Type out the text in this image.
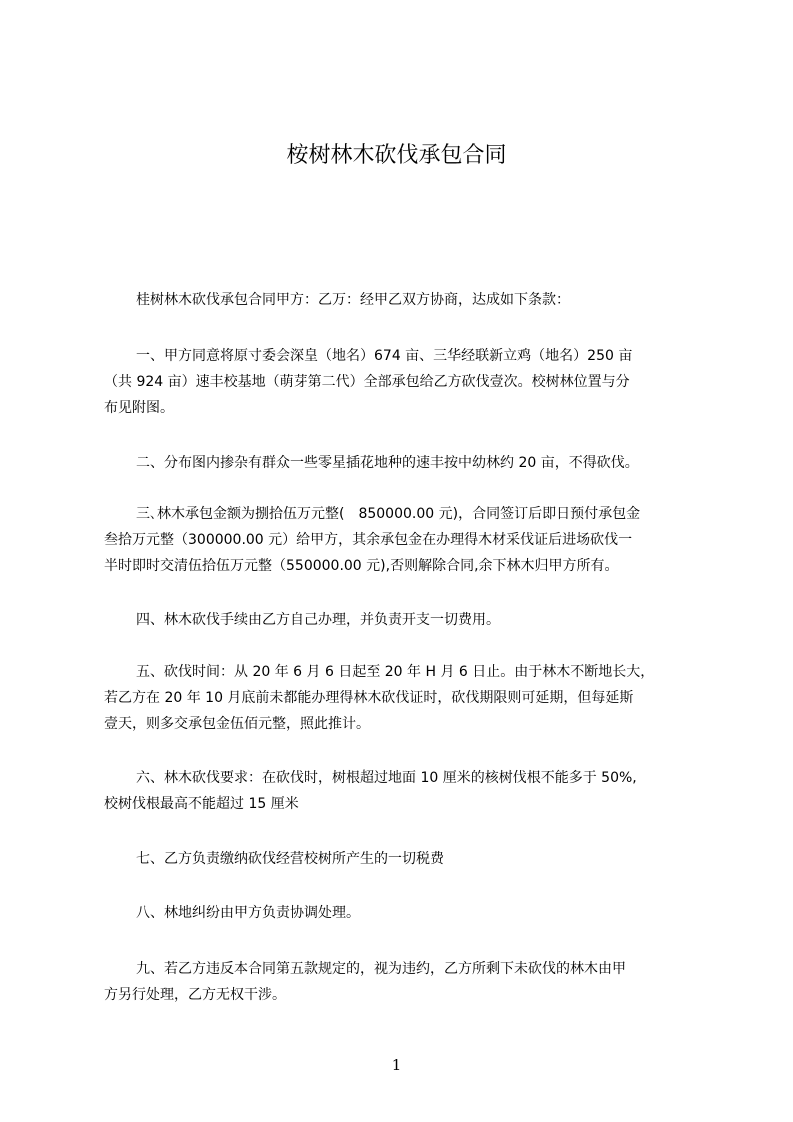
桉树林木砍伐承包合同

桂树林木砍伐承包合同甲方：乙万：经甲乙双方协商，达成如下条款：

一、甲方同意将原寸委会深皇（地名）674 亩、三华经联新立鸡（地名）250 亩
（共 924 亩）速丰校基地（萌芽第二代）全部承包给乙方砍伐壹次。校树林位置与分
布见附图。

二、分布图内掺杂有群众一些零星插花地种的速丰按中幼林约 20 亩，不得砍伐。

三､林木承包金额为捌拾伍万元整(　850000.00 元)，合同签订后即日预付承包金
叁拾万元整（300000.00 元）给甲方，其余承包金在办理得木材采伐证后进场砍伐一
半时即时交清伍拾伍万元整（550000.00 元),否则解除合同,余下林木归甲方所有。

四、林木砍伐手续由乙方自己办理，并负责开支一切费用。

五、砍伐时间：从 20 年 6 月 6 日起至 20 年 H 月 6 日止。由于林木不断地长大，
若乙方在 20 年 10 月底前未都能办理得林木砍伐证时，砍伐期限则可延期，但每延斯
壹天，则多交承包金伍佰元整，照此推计。

六、林木砍伐要求：在砍伐时，树根超过地面 10 厘米的核树伐根不能多于 50%,
校树伐根最高不能超过 15 厘米

七、乙方负责缴纳砍伐经营校树所产生的一切税费

八、林地纠纷由甲方负责协调处理。

九、若乙方违反本合同第五款规定的，视为违约，乙方所剩下未砍伐的林木由甲
方另行处理，乙方无权干涉。

1
